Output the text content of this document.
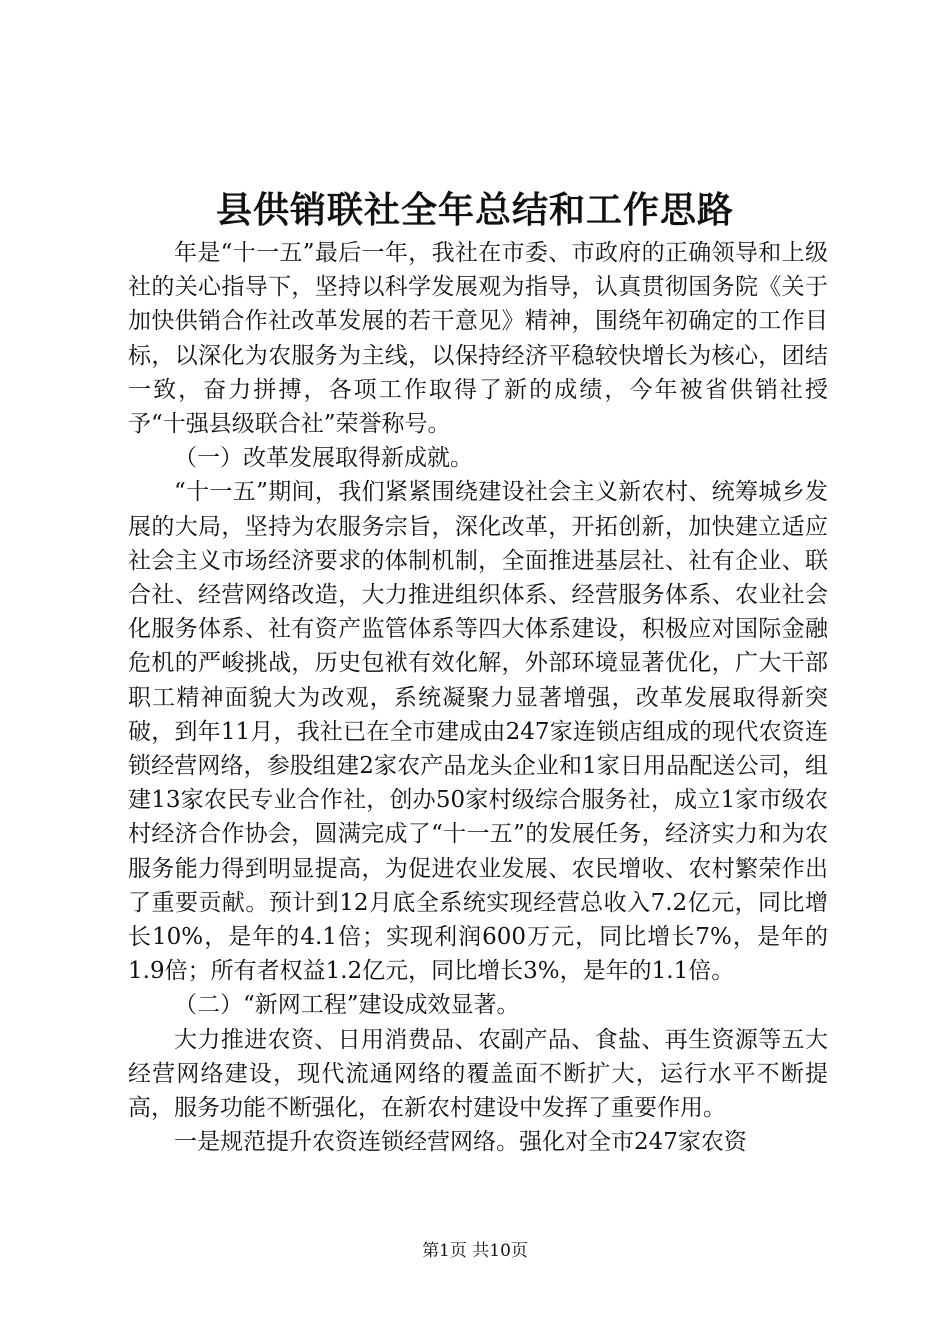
县供销联社全年总结和工作思路

年是“十一五”最后一年，我社在市委、市政府的正确领导和上级社的关心指导下，坚持以科学发展观为指导，认真贯彻国务院《关于加快供销合作社改革发展的若干意见》精神，围绕年初确定的工作目标，以深化为农服务为主线，以保持经济平稳较快增长为核心，团结一致，奋力拼搏，各项工作取得了新的成绩，今年被省供销社授予“十强县级联合社”荣誉称号。

（一）改革发展取得新成就。

“十一五”期间，我们紧紧围绕建设社会主义新农村、统筹城乡发展的大局，坚持为农服务宗旨，深化改革，开拓创新，加快建立适应社会主义市场经济要求的体制机制，全面推进基层社、社有企业、联合社、经营网络改造，大力推进组织体系、经营服务体系、农业社会化服务体系、社有资产监管体系等四大体系建设，积极应对国际金融危机的严峻挑战，历史包袱有效化解，外部环境显著优化，广大干部职工精神面貌大为改观，系统凝聚力显著增强，改革发展取得新突破，到年11月，我社已在全市建成由247家连锁店组成的现代农资连锁经营网络，参股组建2家农产品龙头企业和1家日用品配送公司，组建13家农民专业合作社，创办50家村级综合服务社，成立1家市级农村经济合作协会，圆满完成了“十一五”的发展任务，经济实力和为农服务能力得到明显提高，为促进农业发展、农民增收、农村繁荣作出了重要贡献。预计到12月底全系统实现经营总收入7.2亿元，同比增长10%，是年的4.1倍；实现利润600万元，同比增长7%，是年的1.9倍；所有者权益1.2亿元，同比增长3%，是年的1.1倍。

（二）“新网工程”建设成效显著。

大力推进农资、日用消费品、农副产品、食盐、再生资源等五大经营网络建设，现代流通网络的覆盖面不断扩大，运行水平不断提高，服务功能不断强化，在新农村建设中发挥了重要作用。

一是规范提升农资连锁经营网络。强化对全市247家农资

第1页 共10页
